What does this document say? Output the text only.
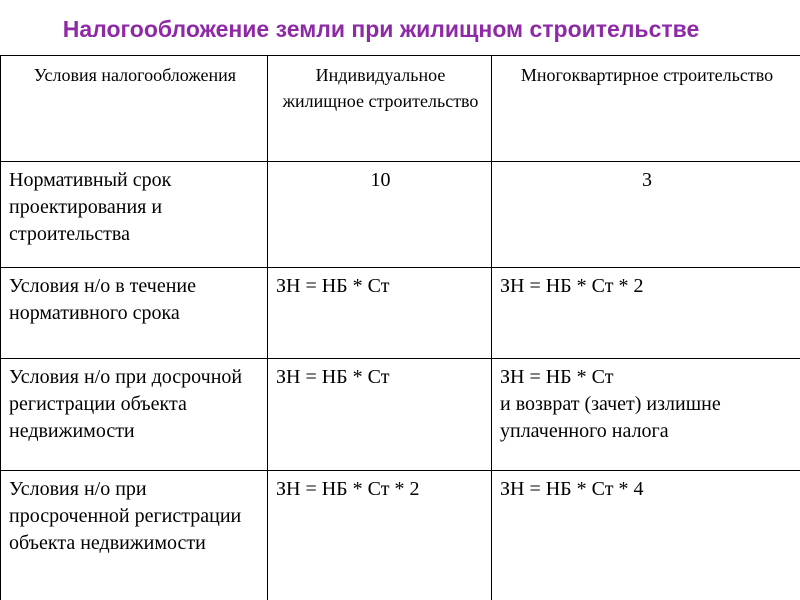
Налогообложение земли при жилищном строительстве
Условия налогообложения	Индивидуальное жилищное строительство	Многоквартирное строительство
Нормативный срок проектирования и строительства	10	3

Условия н/о в течение нормативного срока	ЗН = НБ * Ст	ЗН = НБ * Ст * 2

Условия н/о при досрочной регистрации объекта недвижимости	ЗН = НБ * Ст	ЗН = НБ * Ст
и возврат (зачет) излишне уплаченного налога

Условия н/о при просроченной регистрации объекта недвижимости	ЗН = НБ * Ст * 2	ЗН = НБ * Ст * 4
